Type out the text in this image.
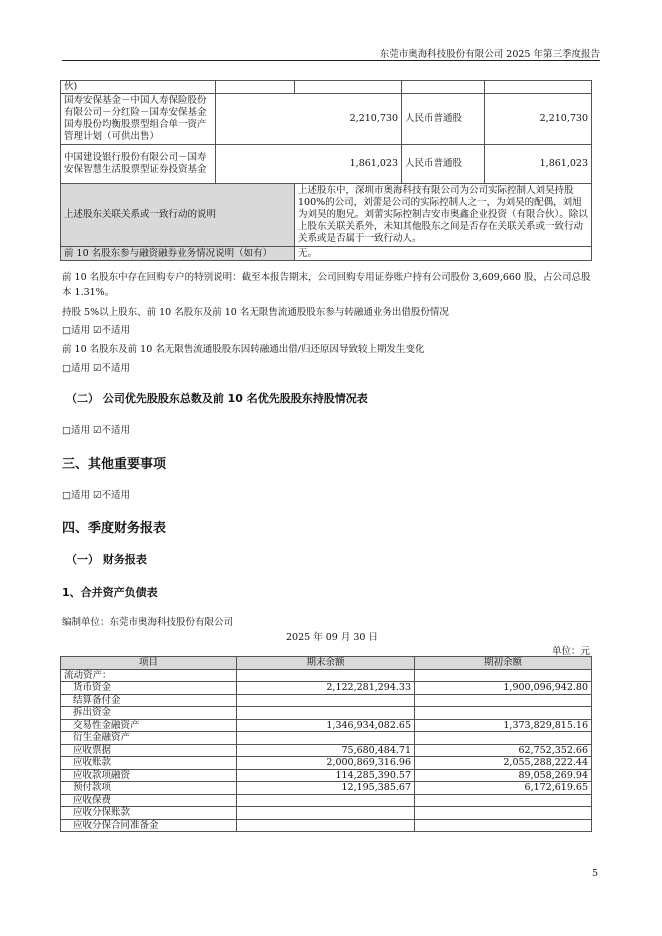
东莞市奥海科技股份有限公司 2025 年第三季度报告
伙)				
国寿安保基金－中国人寿保险股份有限公司－分红险－国寿安保基金国寿股份均衡股票型组合单一资产管理计划（可供出售）	2,210,730		人民币普通股	2,210,730
中国建设银行股份有限公司－国寿安保智慧生活股票型证券投资基金	1,861,023		人民币普通股	1,861,023
上述股东关联关系或一致行动的说明		上述股东中，深圳市奥海科技有限公司为公司实际控制人刘昊持股100%的公司，刘蕾是公司的实际控制人之一，为刘昊的配偶，刘旭为刘昊的胞兄。刘蕾实际控制吉安市奥鑫企业投资（有限合伙）。除以上股东关联关系外，未知其他股东之间是否存在关联关系或一致行动关系或是否属于一致行动人。		
前 10 名股东参与融资融券业务情况说明（如有）		无。		
前 10 名股东中存在回购专户的特别说明：截至本报告期末，公司回购专用证券账户持有公司股份 3,609,660 股，占公司总股本 1.31%。
持股 5%以上股东、前 10 名股东及前 10 名无限售流通股股东参与转融通业务出借股份情况
□适用 ☑不适用
前 10 名股东及前 10 名无限售流通股股东因转融通出借/归还原因导致较上期发生变化
□适用 ☑不适用
（二） 公司优先股股东总数及前 10 名优先股股东持股情况表
□适用 ☑不适用
三、其他重要事项
□适用 ☑不适用
四、季度财务报表
（一） 财务报表
1、合并资产负债表
编制单位：东莞市奥海科技股份有限公司
2025 年 09 月 30 日
单位：元
项目	期末余额	期初余额
流动资产：		
货币资金	2,122,281,294.33	1,900,096,942.80
结算备付金		
拆出资金		
交易性金融资产	1,346,934,082.65	1,373,829,815.16
衍生金融资产		
应收票据	75,680,484.71	62,752,352.66
应收账款	2,000,869,316.96	2,055,288,222.44
应收款项融资	114,285,390.57	89,058,269.94
预付款项	12,195,385.67	6,172,619.65
应收保费		
应收分保账款		
应收分保合同准备金		
5
